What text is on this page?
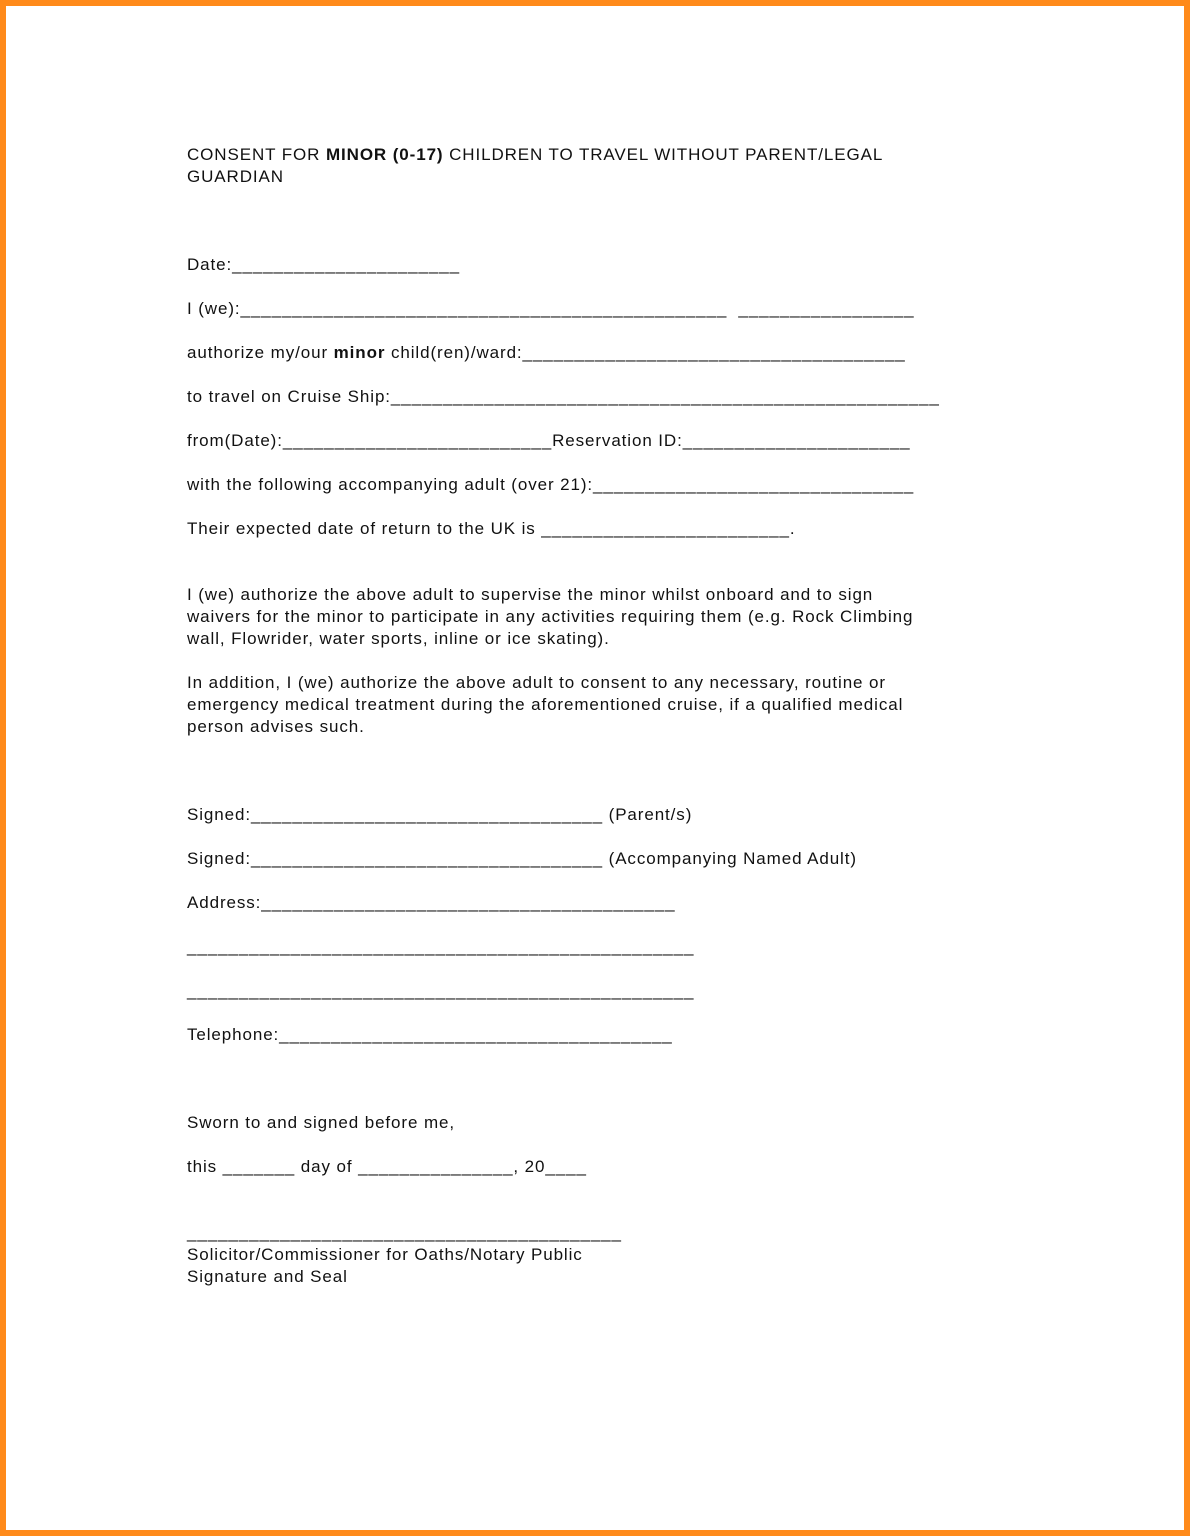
CONSENT FOR MINOR (0-17) CHILDREN TO TRAVEL WITHOUT PARENT/LEGAL
GUARDIAN
Date:______________________
I (we):_______________________________________________  _________________
authorize my/our minor child(ren)/ward:_____________________________________
to travel on Cruise Ship:_____________________________________________________
from(Date):__________________________Reservation ID:______________________
with the following accompanying adult (over 21):_______________________________
Their expected date of return to the UK is ________________________.
I (we) authorize the above adult to supervise the minor whilst onboard and to sign
waivers for the minor to participate in any activities requiring them (e.g. Rock Climbing
wall, Flowrider, water sports, inline or ice skating).
In addition, I (we) authorize the above adult to consent to any necessary, routine or
emergency medical treatment during the aforementioned cruise, if a qualified medical
person advises such.
Signed:__________________________________ (Parent/s)
Signed:__________________________________ (Accompanying Named Adult)
Address:________________________________________
_________________________________________________
_________________________________________________
Telephone:______________________________________
Sworn to and signed before me,
this _______ day of _______________, 20____
__________________________________________
Solicitor/Commissioner for Oaths/Notary Public
Signature and Seal
